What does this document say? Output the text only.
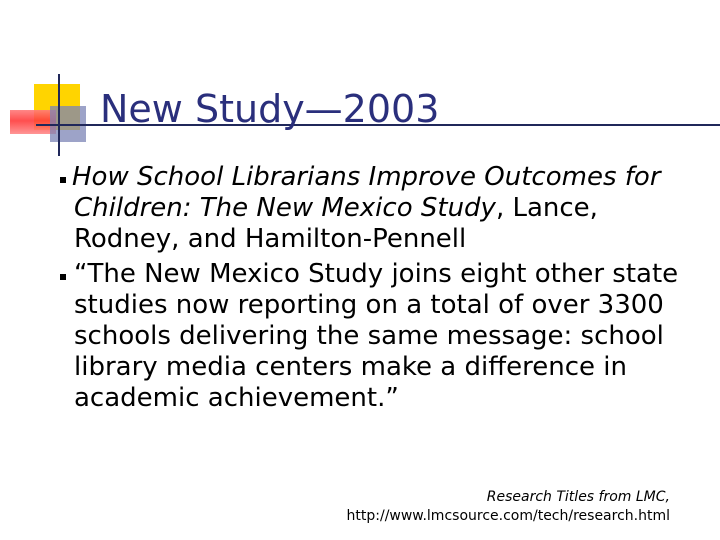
New Study—2003
How School Librarians Improve Outcomes for Children: The New Mexico Study, Lance, Rodney, and Hamilton-Pennell
“The New Mexico Study joins eight other state studies now reporting on a total of over 3300 schools delivering the same message: school library media centers make a difference in academic achievement.”
Research Titles from LMC,
http://www.lmcsource.com/tech/research.html
